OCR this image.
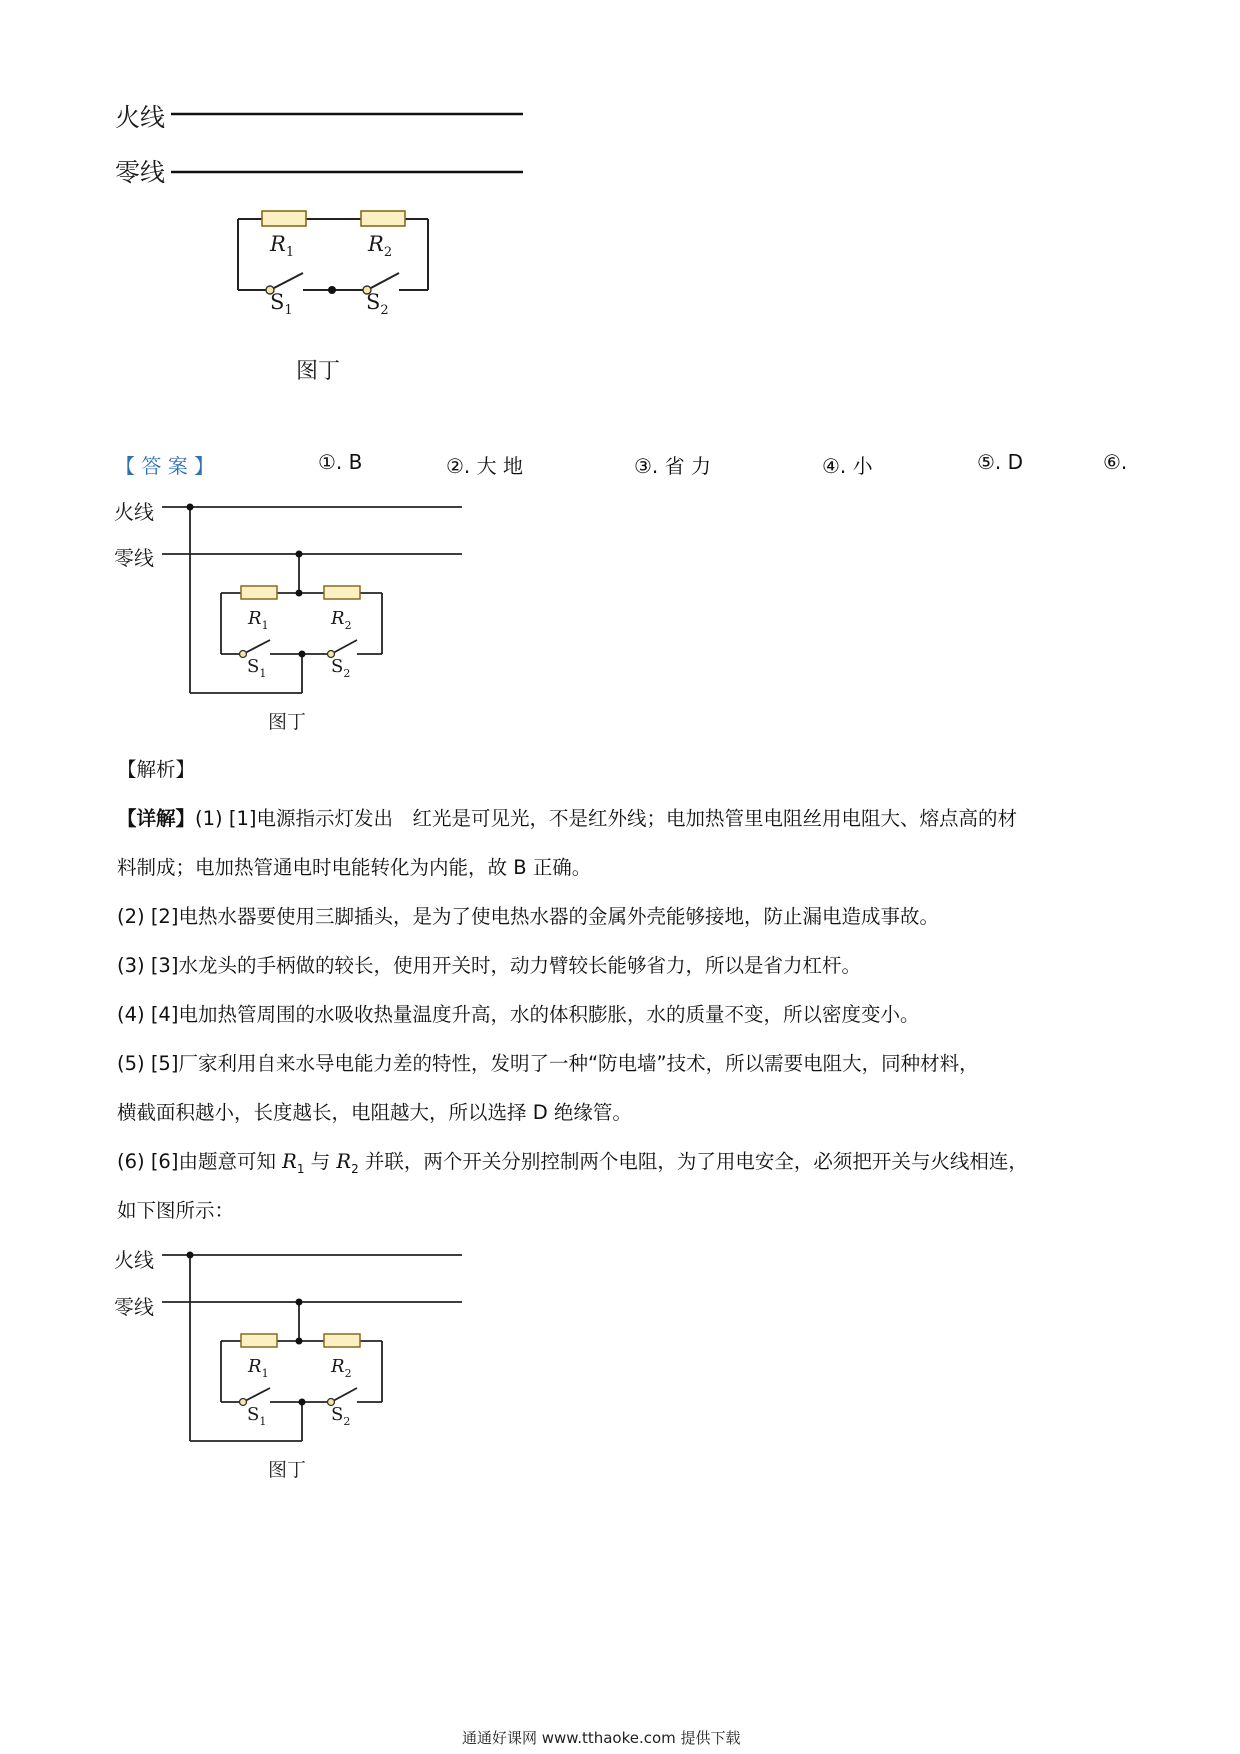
火线
零线
$R_1$	$R_2$
$S_1$	$S_2$
图丁
【 答 案 】	①. B	②. 大 地	③. 省 力	④. 小	⑤. D	⑥.
火线
零线
$R_1$	$R_2$
$S_1$	$S_2$
图丁
【解析】
【详解】(1) [1]电源指示灯发出　红光是可见光，不是红外线；电加热管里电阻丝用电阻大、熔点高的材
料制成；电加热管通电时电能转化为内能，故 B 正确。
(2) [2]电热水器要使用三脚插头，是为了使电热水器的金属外壳能够接地，防止漏电造成事故。
(3) [3]水龙头的手柄做的较长，使用开关时，动力臂较长能够省力，所以是省力杠杆。
(4) [4]电加热管周围的水吸收热量温度升高，水的体积膨胀，水的质量不变，所以密度变小。
(5) [5]厂家利用自来水导电能力差的特性，发明了一种“防电墙”技术，所以需要电阻大，同种材料，
横截面积越小，长度越长，电阻越大，所以选择 D 绝缘管。
(6) [6]由题意可知 $R_1$ 与 $R_2$ 并联，两个开关分别控制两个电阻，为了用电安全，必须把开关与火线相连，
如下图所示：
火线
零线
$R_1$	$R_2$
$S_1$	$S_2$
图丁
通通好课网 www.tthaoke.com 提供下载
